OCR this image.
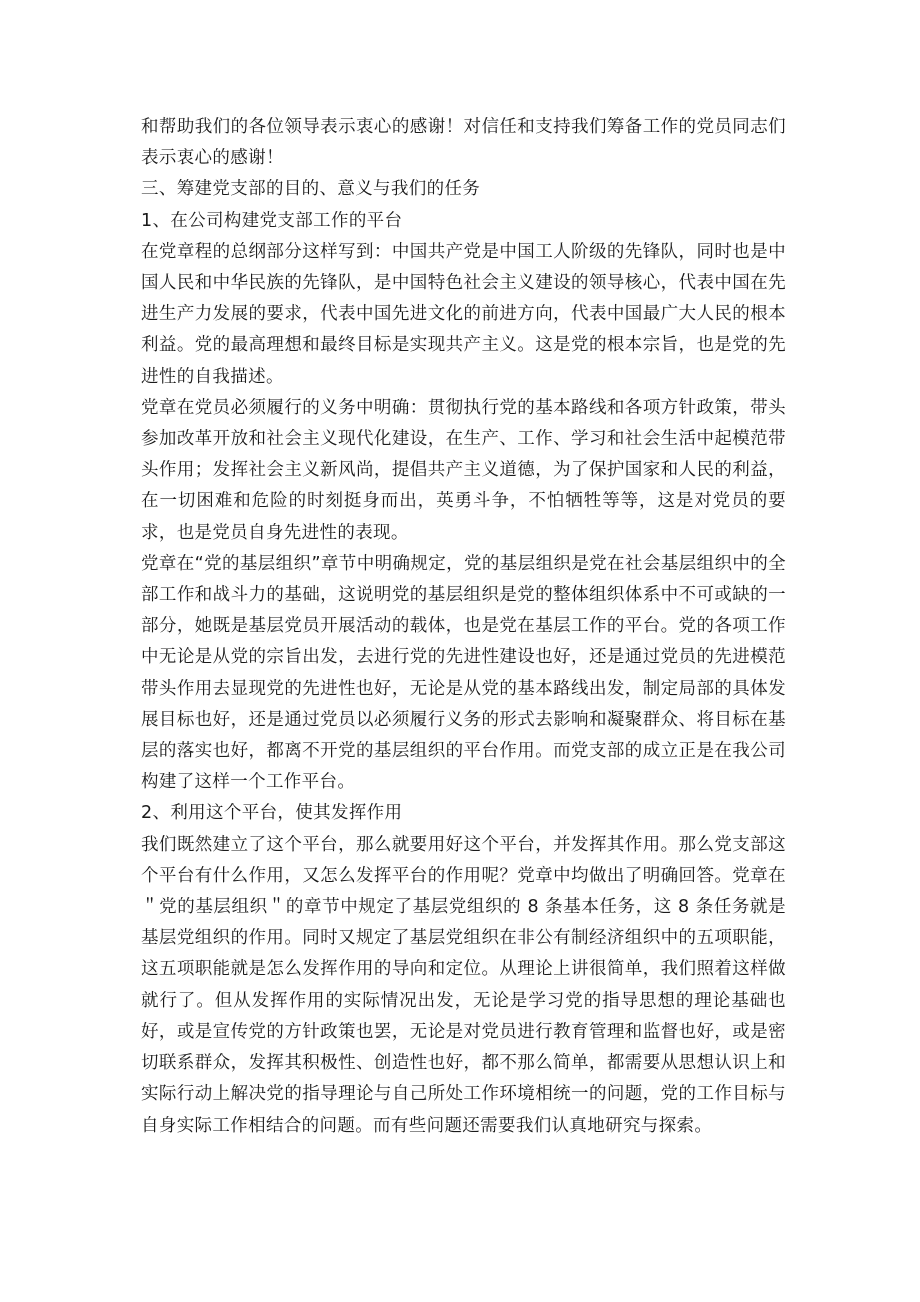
和帮助我们的各位领导表示衷心的感谢！对信任和支持我们筹备工作的党员同志们表示衷心的感谢！

三、筹建党支部的目的、意义与我们的任务

1、在公司构建党支部工作的平台

在党章程的总纲部分这样写到：中国共产党是中国工人阶级的先锋队，同时也是中国人民和中华民族的先锋队，是中国特色社会主义建设的领导核心，代表中国在先进生产力发展的要求，代表中国先进文化的前进方向，代表中国最广大人民的根本利益。党的最高理想和最终目标是实现共产主义。这是党的根本宗旨，也是党的先进性的自我描述。

党章在党员必须履行的义务中明确：贯彻执行党的基本路线和各项方针政策，带头参加改革开放和社会主义现代化建设，在生产、工作、学习和社会生活中起模范带头作用；发挥社会主义新风尚，提倡共产主义道德，为了保护国家和人民的利益，在一切困难和危险的时刻挺身而出，英勇斗争，不怕牺牲等等，这是对党员的要求，也是党员自身先进性的表现。

党章在“党的基层组织”章节中明确规定，党的基层组织是党在社会基层组织中的全部工作和战斗力的基础，这说明党的基层组织是党的整体组织体系中不可或缺的一部分，她既是基层党员开展活动的载体，也是党在基层工作的平台。党的各项工作中无论是从党的宗旨出发，去进行党的先进性建设也好，还是通过党员的先进模范带头作用去显现党的先进性也好，无论是从党的基本路线出发，制定局部的具体发展目标也好，还是通过党员以必须履行义务的形式去影响和凝聚群众、将目标在基层的落实也好，都离不开党的基层组织的平台作用。而党支部的成立正是在我公司构建了这样一个工作平台。

2、利用这个平台，使其发挥作用

我们既然建立了这个平台，那么就要用好这个平台，并发挥其作用。那么党支部这个平台有什么作用，又怎么发挥平台的作用呢？党章中均做出了明确回答。党章在＂党的基层组织＂的章节中规定了基层党组织的 8 条基本任务，这 8 条任务就是基层党组织的作用。同时又规定了基层党组织在非公有制经济组织中的五项职能，这五项职能就是怎么发挥作用的导向和定位。从理论上讲很简单，我们照着这样做就行了。但从发挥作用的实际情况出发，无论是学习党的指导思想的理论基础也好，或是宣传党的方针政策也罢，无论是对党员进行教育管理和监督也好，或是密切联系群众，发挥其积极性、创造性也好，都不那么简单，都需要从思想认识上和实际行动上解决党的指导理论与自己所处工作环境相统一的问题，党的工作目标与自身实际工作相结合的问题。而有些问题还需要我们认真地研究与探索。
